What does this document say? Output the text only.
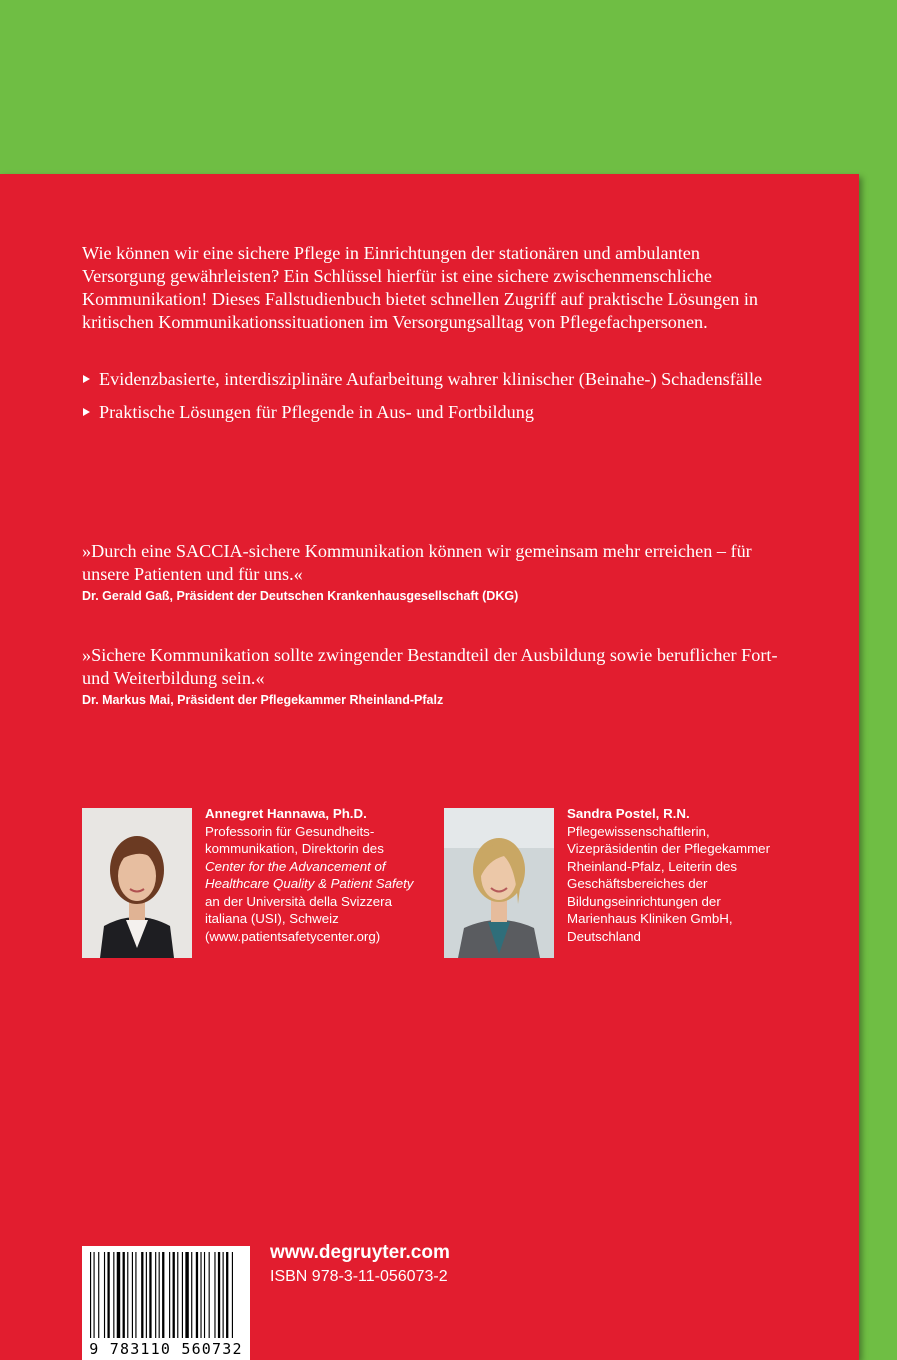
Wie können wir eine sichere Pflege in Einrichtungen der stationären und ambulanten Versorgung gewährleisten? Ein Schlüssel hierfür ist eine sichere zwischenmenschliche Kommunikation! Dieses Fallstudienbuch bietet schnellen Zugriff auf praktische Lösungen in kritischen Kommunikationssituationen im Versorgungsalltag von Pflegefachpersonen.

Evidenzbasierte, interdisziplinäre Aufarbeitung wahrer klinischer (Beinahe-) Schadensfälle
Praktische Lösungen für Pflegende in Aus- und Fortbildung

»Durch eine SACCIA-sichere Kommunikation können wir gemeinsam mehr erreichen – für unsere Patienten und für uns.«

Dr. Gerald Gaß, Präsident der Deutschen Krankenhausgesellschaft (DKG)

»Sichere Kommunikation sollte zwingender Bestandteil der Ausbildung sowie beruflicher Fort- und Weiterbildung sein.«

Dr. Markus Mai, Präsident der Pflegekammer Rheinland-Pfalz
Annegret Hannawa, Ph.D.
Professorin für Gesundheits-kommunikation, Direktorin des Center for the Advancement of Healthcare Quality & Patient Safety an der Università della Svizzera italiana (USI), Schweiz (www.patientsafetycenter.org)
Sandra Postel, R.N.
Pflegewissenschaftlerin, Vizepräsidentin der Pflegekammer Rheinland-Pfalz, Leiterin des Geschäftsbereiches der Bildungseinrichtungen der Marienhaus Kliniken GmbH, Deutschland
9 783110 560732
www.degruyter.com
ISBN 978-3-11-056073-2
